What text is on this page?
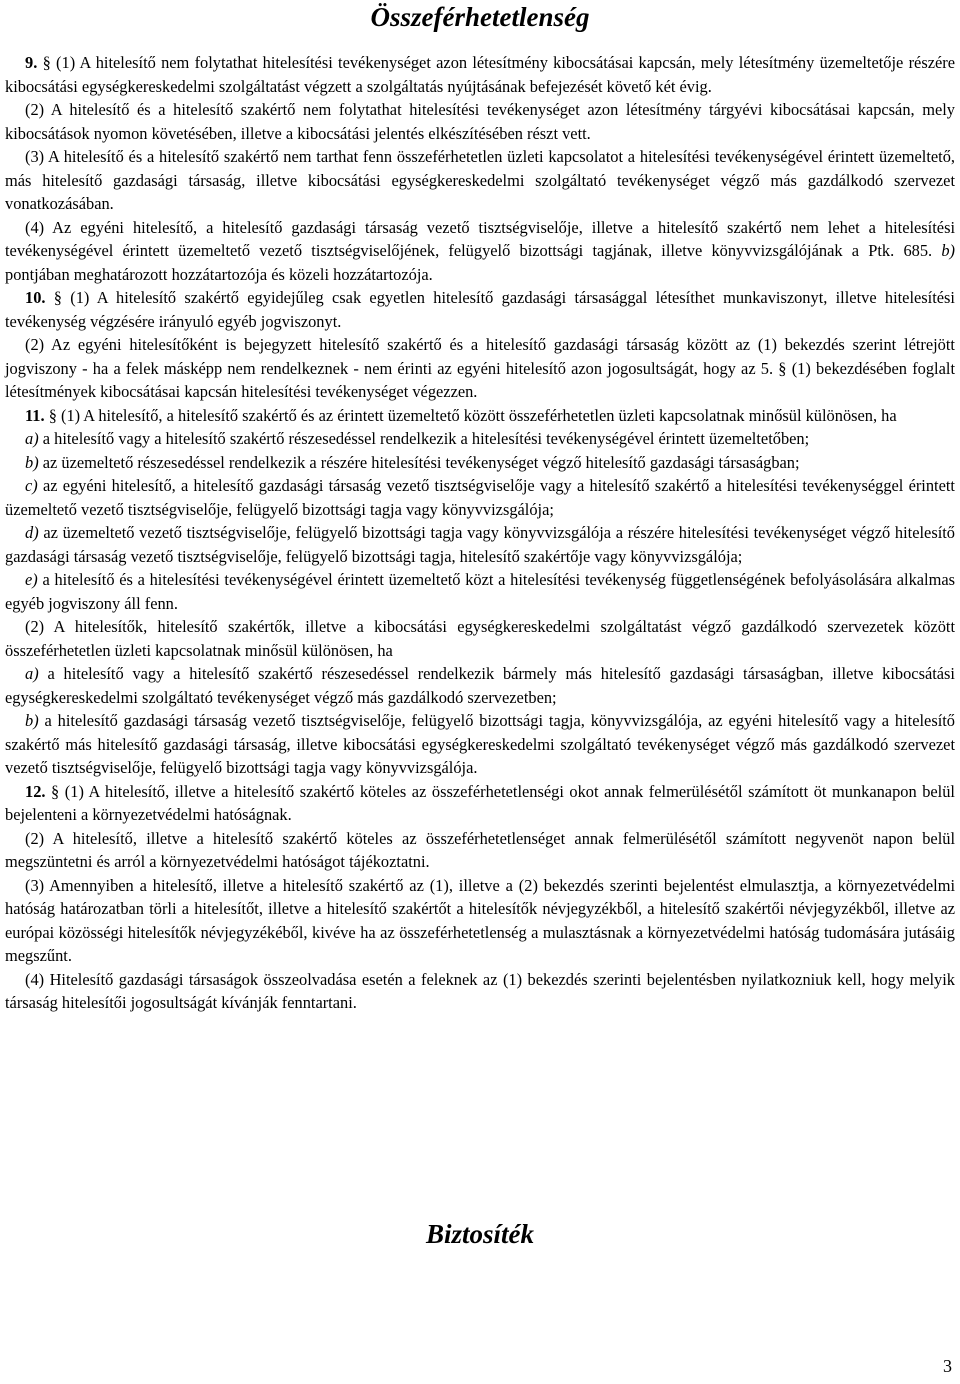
Összeférhetetlenség

9. § (1) A hitelesítő nem folytathat hitelesítési tevékenységet azon létesítmény kibocsátásai kapcsán, mely létesítmény üzemeltetője részére kibocsátási egységkereskedelmi szolgáltatást végzett a szolgáltatás nyújtásának befejezését követő két évig.

(2) A hitelesítő és a hitelesítő szakértő nem folytathat hitelesítési tevékenységet azon létesítmény tárgyévi kibocsátásai kapcsán, mely kibocsátások nyomon követésében, illetve a kibocsátási jelentés elkészítésében részt vett.

(3) A hitelesítő és a hitelesítő szakértő nem tarthat fenn összeférhetetlen üzleti kapcsolatot a hitelesítési tevékenységével érintett üzemeltető, más hitelesítő gazdasági társaság, illetve kibocsátási egységkereskedelmi szolgáltató tevékenységet végző más gazdálkodó szervezet vonatkozásában.

(4) Az egyéni hitelesítő, a hitelesítő gazdasági társaság vezető tisztségviselője, illetve a hitelesítő szakértő nem lehet a hitelesítési tevékenységével érintett üzemeltető vezető tisztségviselőjének, felügyelő bizottsági tagjának, illetve könyvvizsgálójának a Ptk. 685. b) pontjában meghatározott hozzátartozója és közeli hozzátartozója.

10. § (1) A hitelesítő szakértő egyidejűleg csak egyetlen hitelesítő gazdasági társasággal létesíthet munkaviszonyt, illetve hitelesítési tevékenység végzésére irányuló egyéb jogviszonyt.

(2) Az egyéni hitelesítőként is bejegyzett hitelesítő szakértő és a hitelesítő gazdasági társaság között az (1) bekezdés szerint létrejött jogviszony - ha a felek másképp nem rendelkeznek - nem érinti az egyéni hitelesítő azon jogosultságát, hogy az 5. § (1) bekezdésében foglalt létesítmények kibocsátásai kapcsán hitelesítési tevékenységet végezzen.

11. § (1) A hitelesítő, a hitelesítő szakértő és az érintett üzemeltető között összeférhetetlen üzleti kapcsolatnak minősül különösen, ha

a) a hitelesítő vagy a hitelesítő szakértő részesedéssel rendelkezik a hitelesítési tevékenységével érintett üzemeltetőben;

b) az üzemeltető részesedéssel rendelkezik a részére hitelesítési tevékenységet végző hitelesítő gazdasági társaságban;

c) az egyéni hitelesítő, a hitelesítő gazdasági társaság vezető tisztségviselője vagy a hitelesítő szakértő a hitelesítési tevékenységgel érintett üzemeltető vezető tisztségviselője, felügyelő bizottsági tagja vagy könyvvizsgálója;

d) az üzemeltető vezető tisztségviselője, felügyelő bizottsági tagja vagy könyvvizsgálója a részére hitelesítési tevékenységet végző hitelesítő gazdasági társaság vezető tisztségviselője, felügyelő bizottsági tagja, hitelesítő szakértője vagy könyvvizsgálója;

e) a hitelesítő és a hitelesítési tevékenységével érintett üzemeltető közt a hitelesítési tevékenység függetlenségének befolyásolására alkalmas egyéb jogviszony áll fenn.

(2) A hitelesítők, hitelesítő szakértők, illetve a kibocsátási egységkereskedelmi szolgáltatást végző gazdálkodó szervezetek között összeférhetetlen üzleti kapcsolatnak minősül különösen, ha

a) a hitelesítő vagy a hitelesítő szakértő részesedéssel rendelkezik bármely más hitelesítő gazdasági társaságban, illetve kibocsátási egységkereskedelmi szolgáltató tevékenységet végző más gazdálkodó szervezetben;

b) a hitelesítő gazdasági társaság vezető tisztségviselője, felügyelő bizottsági tagja, könyvvizsgálója, az egyéni hitelesítő vagy a hitelesítő szakértő más hitelesítő gazdasági társaság, illetve kibocsátási egységkereskedelmi szolgáltató tevékenységet végző más gazdálkodó szervezet vezető tisztségviselője, felügyelő bizottsági tagja vagy könyvvizsgálója.

12. § (1) A hitelesítő, illetve a hitelesítő szakértő köteles az összeférhetetlenségi okot annak felmerülésétől számított öt munkanapon belül bejelenteni a környezetvédelmi hatóságnak.

(2) A hitelesítő, illetve a hitelesítő szakértő köteles az összeférhetetlenséget annak felmerülésétől számított negyvenöt napon belül megszüntetni és arról a környezetvédelmi hatóságot tájékoztatni.

(3) Amennyiben a hitelesítő, illetve a hitelesítő szakértő az (1), illetve a (2) bekezdés szerinti bejelentést elmulasztja, a környezetvédelmi hatóság határozatban törli a hitelesítőt, illetve a hitelesítő szakértőt a hitelesítők névjegyzékből, a hitelesítő szakértői névjegyzékből, illetve az európai közösségi hitelesítők névjegyzékéből, kivéve ha az összeférhetetlenség a mulasztásnak a környezetvédelmi hatóság tudomására jutásáig megszűnt.

(4) Hitelesítő gazdasági társaságok összeolvadása esetén a feleknek az (1) bekezdés szerinti bejelentésben nyilatkozniuk kell, hogy melyik társaság hitelesítői jogosultságát kívánják fenntartani.

Biztosíték
3
